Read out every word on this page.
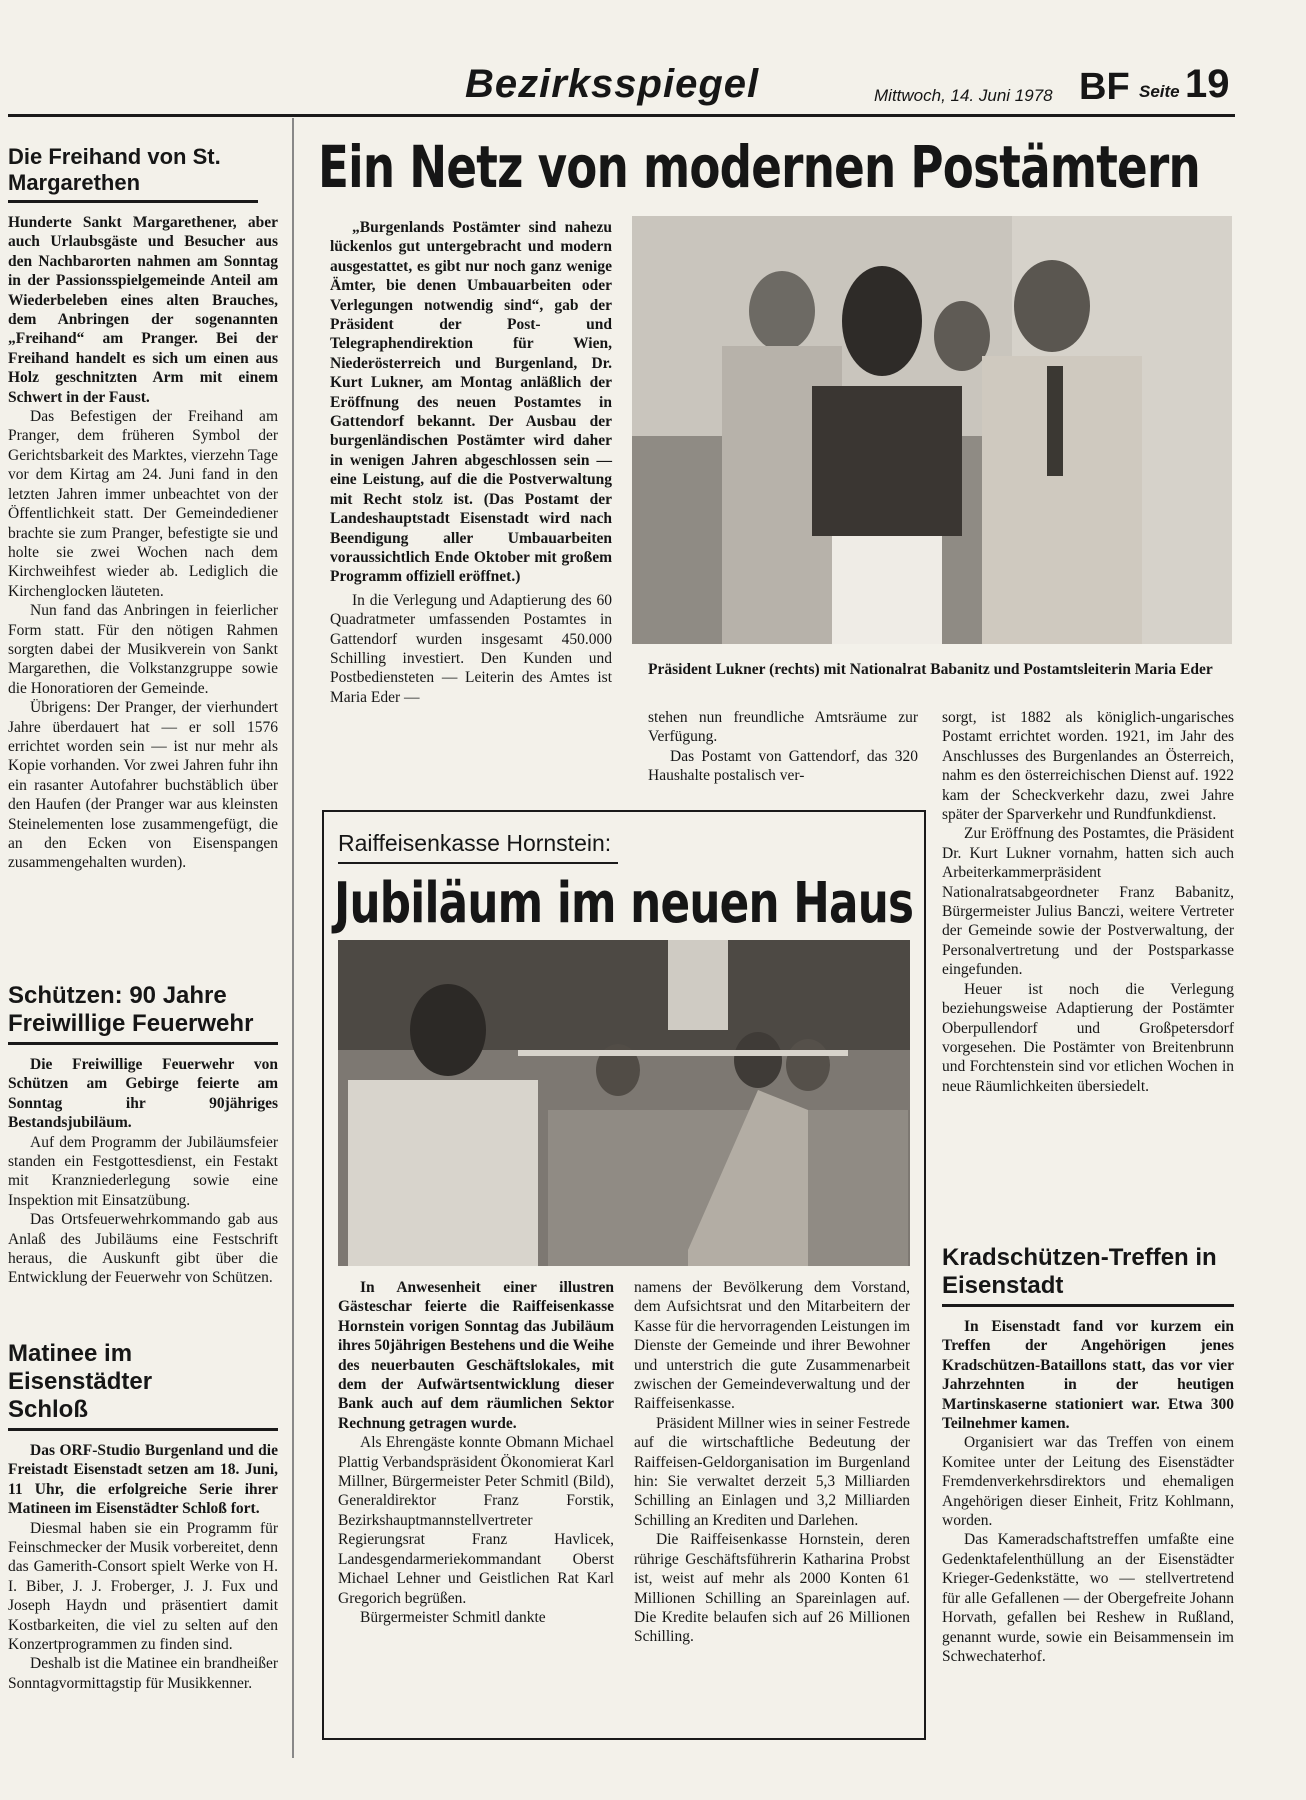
Bezirksspiegel	Mittwoch, 14. Juni 1978 BF Seite 19
Die Freihand von St. Margarethen

Hunderte Sankt Margarethener, aber auch Urlaubsgäste und Besucher aus den Nachbarorten nahmen am Sonntag in der Passionsspielgemeinde Anteil am Wiederbeleben eines alten Brauches, dem Anbringen der sogenannten „Freihand“ am Pranger. Bei der Freihand handelt es sich um einen aus Holz geschnitzten Arm mit einem Schwert in der Faust.

Das Befestigen der Freihand am Pranger, dem früheren Symbol der Gerichtsbarkeit des Marktes, vierzehn Tage vor dem Kirtag am 24. Juni fand in den letzten Jahren immer unbeachtet von der Öffentlichkeit statt. Der Gemeindediener brachte sie zum Pranger, befestigte sie und holte sie zwei Wochen nach dem Kirchweihfest wieder ab. Lediglich die Kirchenglocken läuteten.

Nun fand das Anbringen in feierlicher Form statt. Für den nötigen Rahmen sorgten dabei der Musikverein von Sankt Margarethen, die Volkstanzgruppe sowie die Honoratioren der Gemeinde.

Übrigens: Der Pranger, der vierhundert Jahre überdauert hat — er soll 1576 errichtet worden sein — ist nur mehr als Kopie vorhanden. Vor zwei Jahren fuhr ihn ein rasanter Autofahrer buchstäblich über den Haufen (der Pranger war aus kleinsten Steinelementen lose zusammengefügt, die an den Ecken von Eisenspangen zusammengehalten wurden).

Schützen: 90 Jahre Freiwillige Feuerwehr

Die Freiwillige Feuerwehr von Schützen am Gebirge feierte am Sonntag ihr 90jähriges Bestandsjubiläum.

Auf dem Programm der Jubiläumsfeier standen ein Festgottesdienst, ein Festakt mit Kranzniederlegung sowie eine Inspektion mit Einsatzübung.

Das Ortsfeuerwehrkommando gab aus Anlaß des Jubiläums eine Festschrift heraus, die Auskunft gibt über die Entwicklung der Feuerwehr von Schützen.

Matinee im Eisenstädter Schloß

Das ORF-Studio Burgenland und die Freistadt Eisenstadt setzen am 18. Juni, 11 Uhr, die erfolgreiche Serie ihrer Matineen im Eisenstädter Schloß fort.

Diesmal haben sie ein Programm für Feinschmecker der Musik vorbereitet, denn das Gamerith-Consort spielt Werke von H. I. Biber, J. J. Froberger, J. J. Fux und Joseph Haydn und präsentiert damit Kostbarkeiten, die viel zu selten auf den Konzertprogrammen zu finden sind.

Deshalb ist die Matinee ein brandheißer Sonntagvormittagstip für Musikkenner.

Ein Netz von modernen Postämtern

„Burgenlands Postämter sind nahezu lückenlos gut untergebracht und modern ausgestattet, es gibt nur noch ganz wenige Ämter, bie denen Umbauarbeiten oder Verlegungen notwendig sind“, gab der Präsident der Post- und Telegraphendirektion für Wien, Niederösterreich und Burgenland, Dr. Kurt Lukner, am Montag anläßlich der Eröffnung des neuen Postamtes in Gattendorf bekannt. Der Ausbau der burgenländischen Postämter wird daher in wenigen Jahren abgeschlossen sein — eine Leistung, auf die die Postverwaltung mit Recht stolz ist. (Das Postamt der Landeshauptstadt Eisenstadt wird nach Beendigung aller Umbauarbeiten voraussichtlich Ende Oktober mit großem Programm offiziell eröffnet.)

In die Verlegung und Adaptierung des 60 Quadratmeter umfassenden Postamtes in Gattendorf wurden insgesamt 450.000 Schilling investiert. Den Kunden und Postbediensteten — Leiterin des Amtes ist Maria Eder —

Präsident Lukner (rechts) mit Nationalrat Babanitz und Postamtsleiterin Maria Eder

stehen nun freundliche Amtsräume zur Verfügung.

Das Postamt von Gattendorf, das 320 Haushalte postalisch ver-

sorgt, ist 1882 als königlich-ungarisches Postamt errichtet worden. 1921, im Jahr des Anschlusses des Burgenlandes an Österreich, nahm es den österreichischen Dienst auf. 1922 kam der Scheckverkehr dazu, zwei Jahre später der Sparverkehr und Rundfunkdienst.

Zur Eröffnung des Postamtes, die Präsident Dr. Kurt Lukner vornahm, hatten sich auch Arbeiterkammerpräsident Nationalratsabgeordneter Franz Babanitz, Bürgermeister Julius Banczi, weitere Vertreter der Gemeinde sowie der Postverwaltung, der Personalvertretung und der Postsparkasse eingefunden.

Heuer ist noch die Verlegung beziehungsweise Adaptierung der Postämter Oberpullendorf und Großpetersdorf vorgesehen. Die Postämter von Breitenbrunn und Forchtenstein sind vor etlichen Wochen in neue Räumlichkeiten übersiedelt.

Raiffeisenkasse Hornstein:
Jubiläum im neuen Haus

In Anwesenheit einer illustren Gästeschar feierte die Raiffeisenkasse Hornstein vorigen Sonntag das Jubiläum ihres 50jährigen Bestehens und die Weihe des neuerbauten Geschäftslokales, mit dem der Aufwärtsentwicklung dieser Bank auch auf dem räumlichen Sektor Rechnung getragen wurde.

Als Ehrengäste konnte Obmann Michael Plattig Verbandspräsident Ökonomierat Karl Millner, Bürgermeister Peter Schmitl (Bild), Generaldirektor Franz Forstik, Bezirkshauptmannstellvertreter Regierungsrat Franz Havlicek, Landesgendarmeriekommandant Oberst Michael Lehner und Geistlichen Rat Karl Gregorich begrüßen.

Bürgermeister Schmitl dankte

namens der Bevölkerung dem Vorstand, dem Aufsichtsrat und den Mitarbeitern der Kasse für die hervorragenden Leistungen im Dienste der Gemeinde und ihrer Bewohner und unterstrich die gute Zusammenarbeit zwischen der Gemeindeverwaltung und der Raiffeisenkasse.

Präsident Millner wies in seiner Festrede auf die wirtschaftliche Bedeutung der Raiffeisen-Geldorganisation im Burgenland hin: Sie verwaltet derzeit 5,3 Milliarden Schilling an Einlagen und 3,2 Milliarden Schilling an Krediten und Darlehen.

Die Raiffeisenkasse Hornstein, deren rührige Geschäftsführerin Katharina Probst ist, weist auf mehr als 2000 Konten 61 Millionen Schilling an Spareinlagen auf. Die Kredite belaufen sich auf 26 Millionen Schilling.

Kradschützen-Treffen in Eisenstadt

In Eisenstadt fand vor kurzem ein Treffen der Angehörigen jenes Kradschützen-Bataillons statt, das vor vier Jahrzehnten in der heutigen Martinskaserne stationiert war. Etwa 300 Teilnehmer kamen.

Organisiert war das Treffen von einem Komitee unter der Leitung des Eisenstädter Fremdenverkehrsdirektors und ehemaligen Angehörigen dieser Einheit, Fritz Kohlmann, worden.

Das Kameradschaftstreffen umfaßte eine Gedenktafelenthüllung an der Eisenstädter Krieger-Gedenkstätte, wo — stellvertretend für alle Gefallenen — der Obergefreite Johann Horvath, gefallen bei Reshew in Rußland, genannt wurde, sowie ein Beisammensein im Schwechaterhof.
